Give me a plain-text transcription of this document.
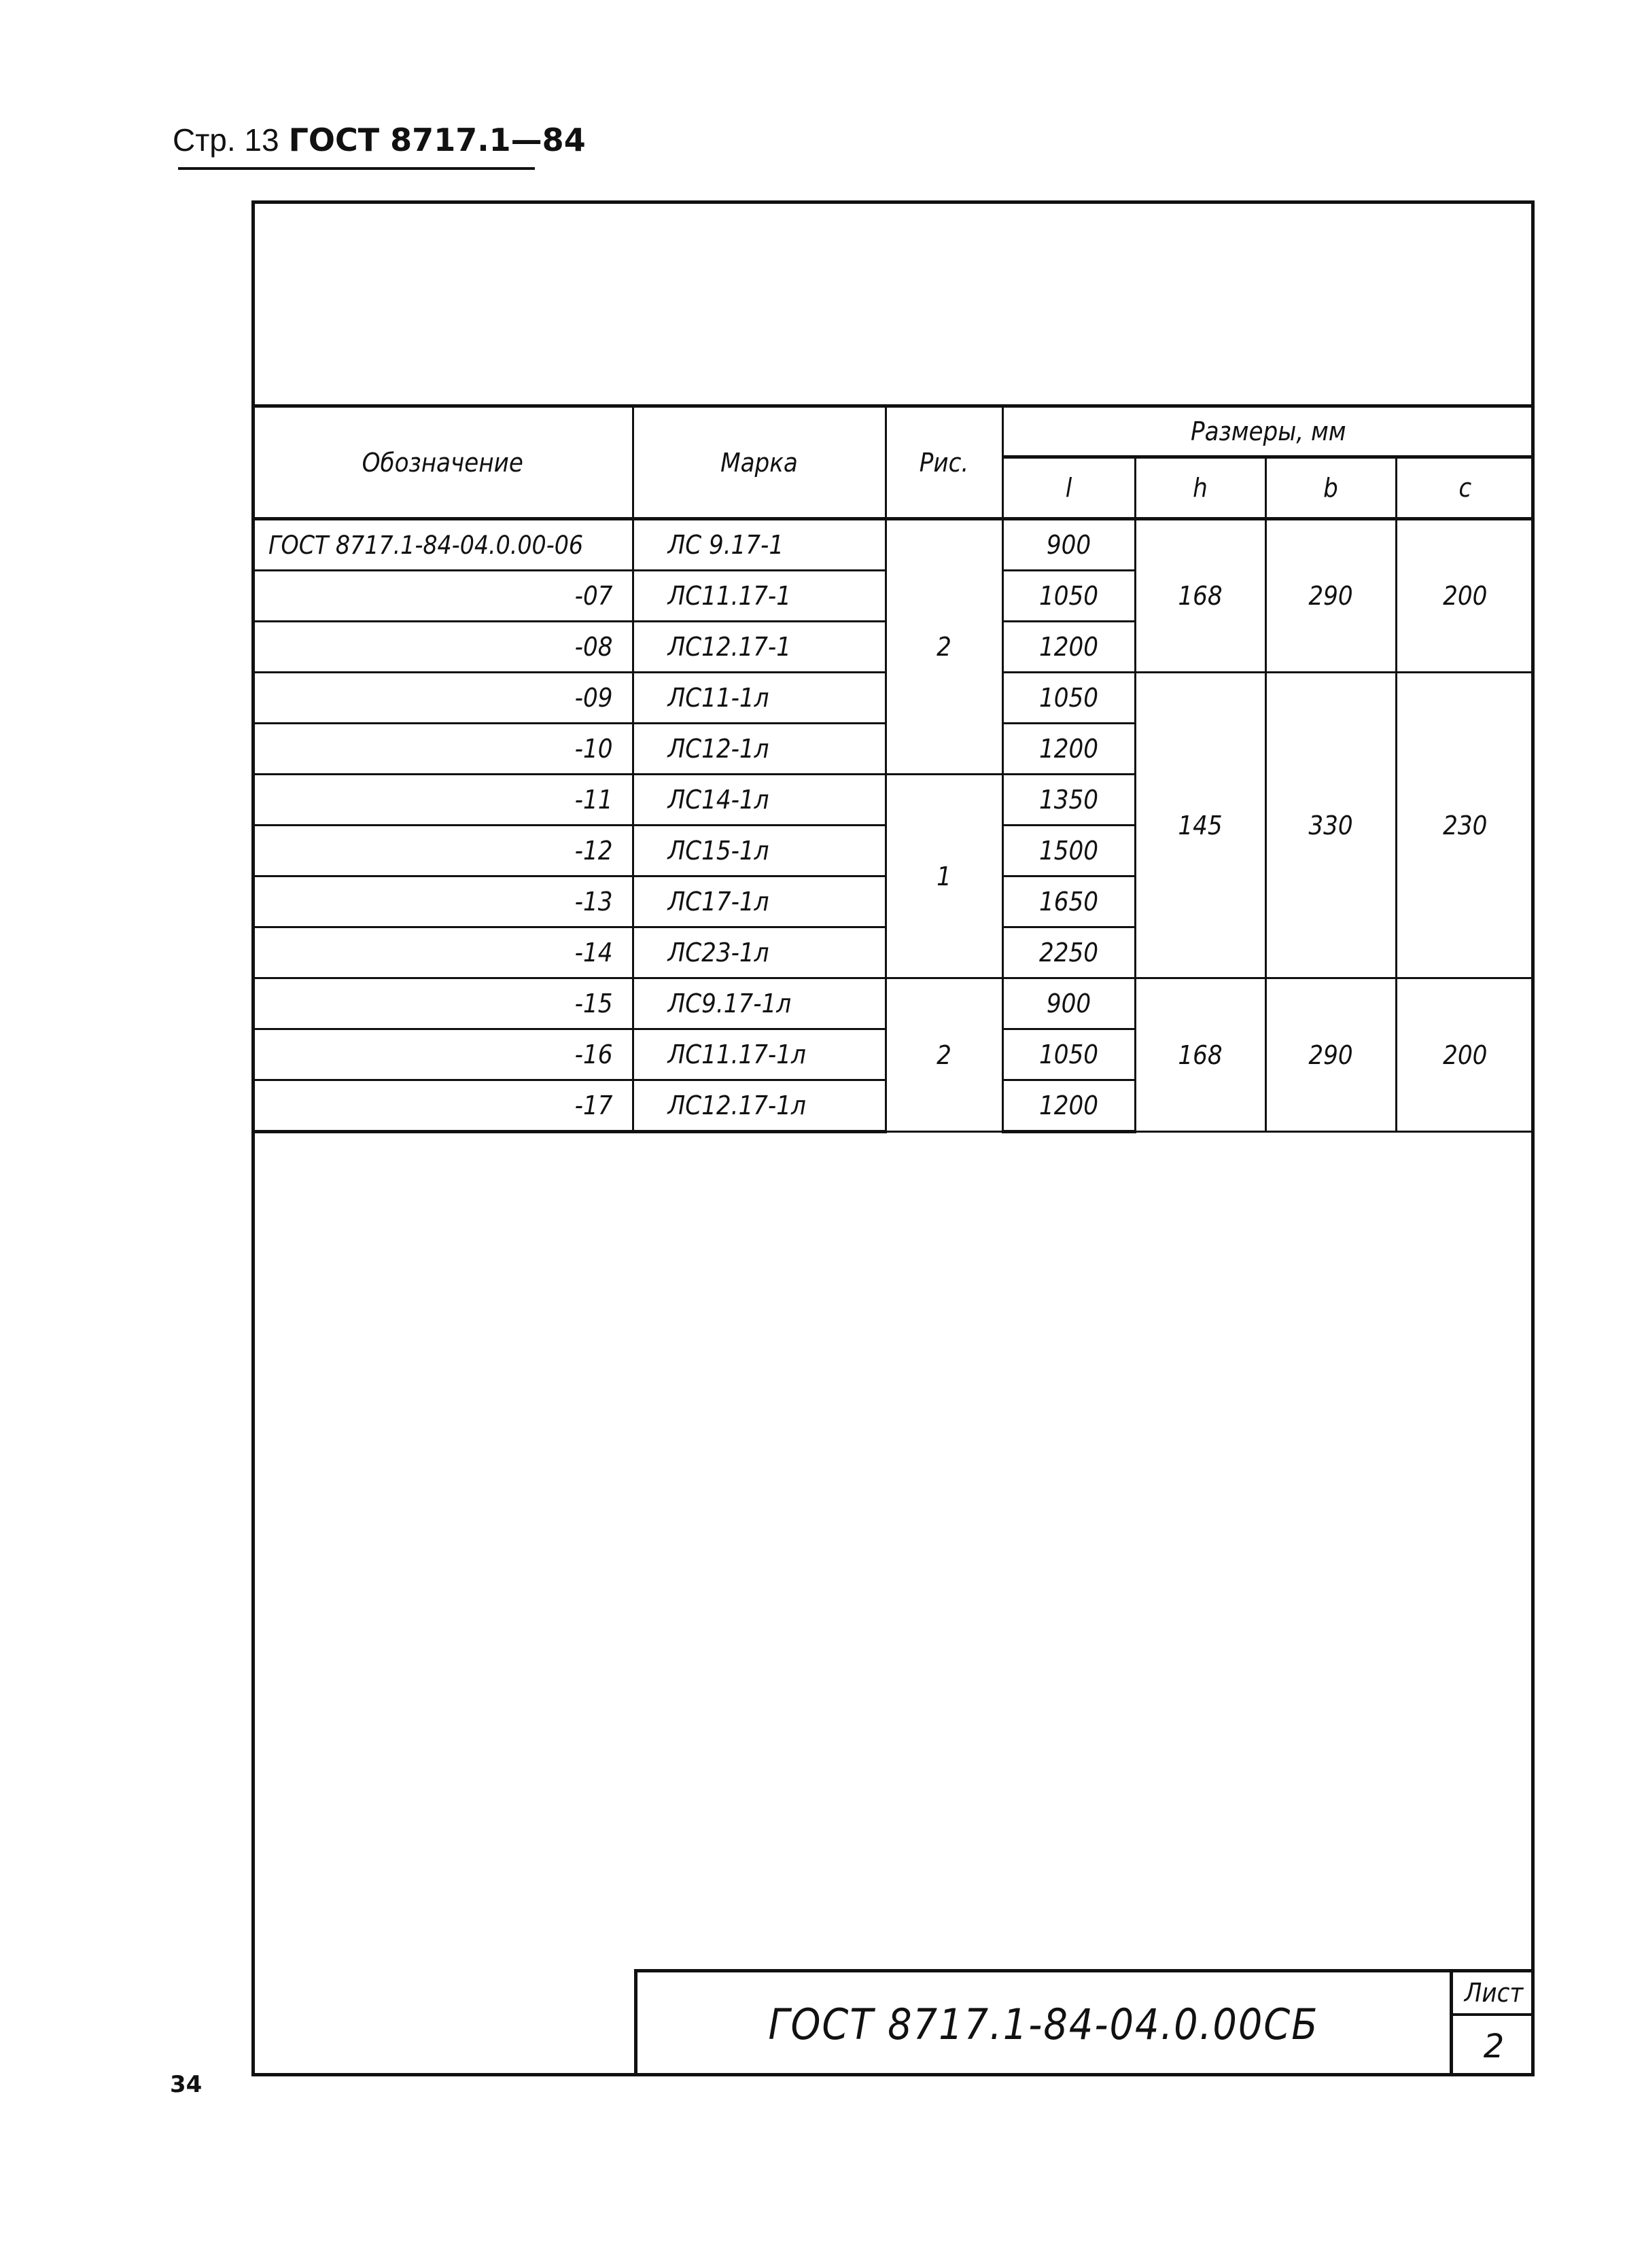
Стр. 13 ГОСТ 8717.1—84
Обозначение	Марка	Рис.	Размеры, мм			
			l	h	b	c
ГОСТ 8717.1-84-04.0.00-06	ЛС 9.17-1	2	900	168	290	200
-07	ЛС11.17-1		1050			
-08	ЛС12.17-1		1200			
-09	ЛС11-1л		1050	145	330	230
-10	ЛС12-1л		1200			
-11	ЛС14-1л	1	1350			
-12	ЛС15-1л		1500			
-13	ЛС17-1л		1650			
-14	ЛС23-1л		2250			
-15	ЛС9.17-1л	2	900	168	290	200
-16	ЛС11.17-1л		1050			
-17	ЛС12.17-1л		1200			
ГОСТ 8717.1-84-04.0.00СБ
Лист
2
34
